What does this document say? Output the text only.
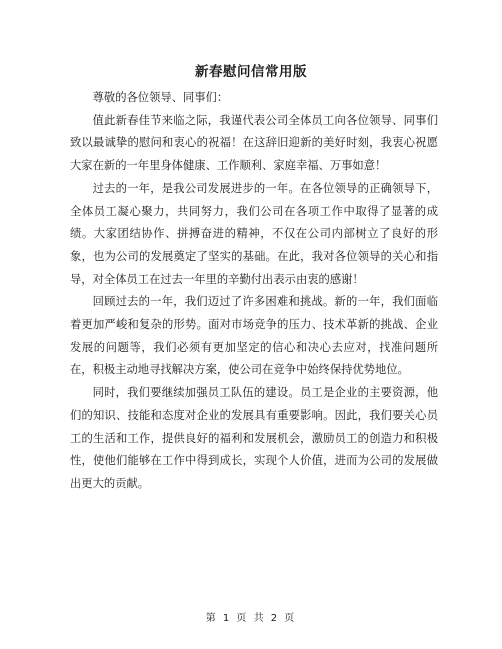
新春慰问信常用版

尊敬的各位领导、同事们：

值此新春佳节来临之际，我谨代表公司全体员工向各位领导、同事们致以最诚挚的慰问和衷心的祝福！在这辞旧迎新的美好时刻，我衷心祝愿大家在新的一年里身体健康、工作顺利、家庭幸福、万事如意！

过去的一年，是我公司发展进步的一年。在各位领导的正确领导下，全体员工凝心聚力，共同努力，我们公司在各项工作中取得了显著的成绩。大家团结协作、拼搏奋进的精神，不仅在公司内部树立了良好的形象，也为公司的发展奠定了坚实的基础。在此，我对各位领导的关心和指导，对全体员工在过去一年里的辛勤付出表示由衷的感谢！

回顾过去的一年，我们迈过了许多困难和挑战。新的一年，我们面临着更加严峻和复杂的形势。面对市场竞争的压力、技术革新的挑战、企业发展的问题等，我们必须有更加坚定的信心和决心去应对，找准问题所在，积极主动地寻找解决方案，使公司在竞争中始终保持优势地位。

同时，我们要继续加强员工队伍的建设。员工是企业的主要资源，他们的知识、技能和态度对企业的发展具有重要影响。因此，我们要关心员工的生活和工作，提供良好的福利和发展机会，激励员工的创造力和积极性，使他们能够在工作中得到成长，实现个人价值，进而为公司的发展做出更大的贡献。

第 1 页 共 2 页
